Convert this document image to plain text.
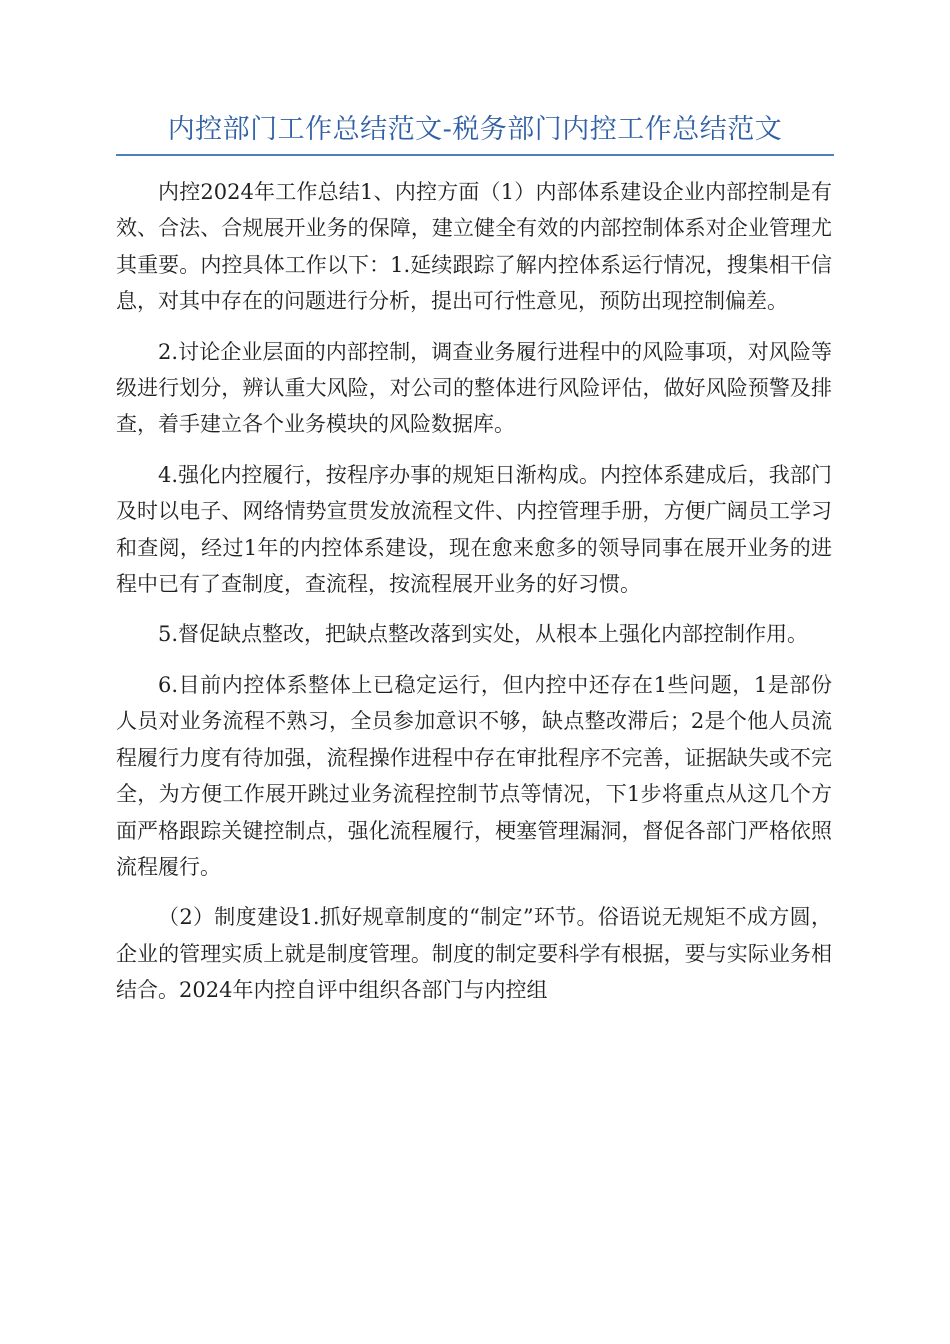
内控部门工作总结范文-税务部门内控工作总结范文

内控2024年工作总结1、内控方面（1）内部体系建设企业内部控制是有效、合法、合规展开业务的保障，建立健全有效的内部控制体系对企业管理尤其重要。内控具体工作以下：1.延续跟踪了解内控体系运行情况，搜集相干信息，对其中存在的问题进行分析，提出可行性意见，预防出现控制偏差。

2.讨论企业层面的内部控制，调查业务履行进程中的风险事项，对风险等级进行划分，辨认重大风险，对公司的整体进行风险评估，做好风险预警及排查，着手建立各个业务模块的风险数据库。

4.强化内控履行，按程序办事的规矩日渐构成。内控体系建成后，我部门及时以电子、网络情势宣贯发放流程文件、内控管理手册，方便广阔员工学习和查阅，经过1年的内控体系建设，现在愈来愈多的领导同事在展开业务的进程中已有了查制度，查流程，按流程展开业务的好习惯。

5.督促缺点整改，把缺点整改落到实处，从根本上强化内部控制作用。

6.目前内控体系整体上已稳定运行，但内控中还存在1些问题，1是部份人员对业务流程不熟习，全员参加意识不够，缺点整改滞后；2是个他人员流程履行力度有待加强，流程操作进程中存在审批程序不完善，证据缺失或不完全，为方便工作展开跳过业务流程控制节点等情况，下1步将重点从这几个方面严格跟踪关键控制点，强化流程履行，梗塞管理漏洞，督促各部门严格依照流程履行。

（2）制度建设1.抓好规章制度的“制定”环节。俗语说无规矩不成方圆，企业的管理实质上就是制度管理。制度的制定要科学有根据，要与实际业务相结合。2024年内控自评中组织各部门与内控组
